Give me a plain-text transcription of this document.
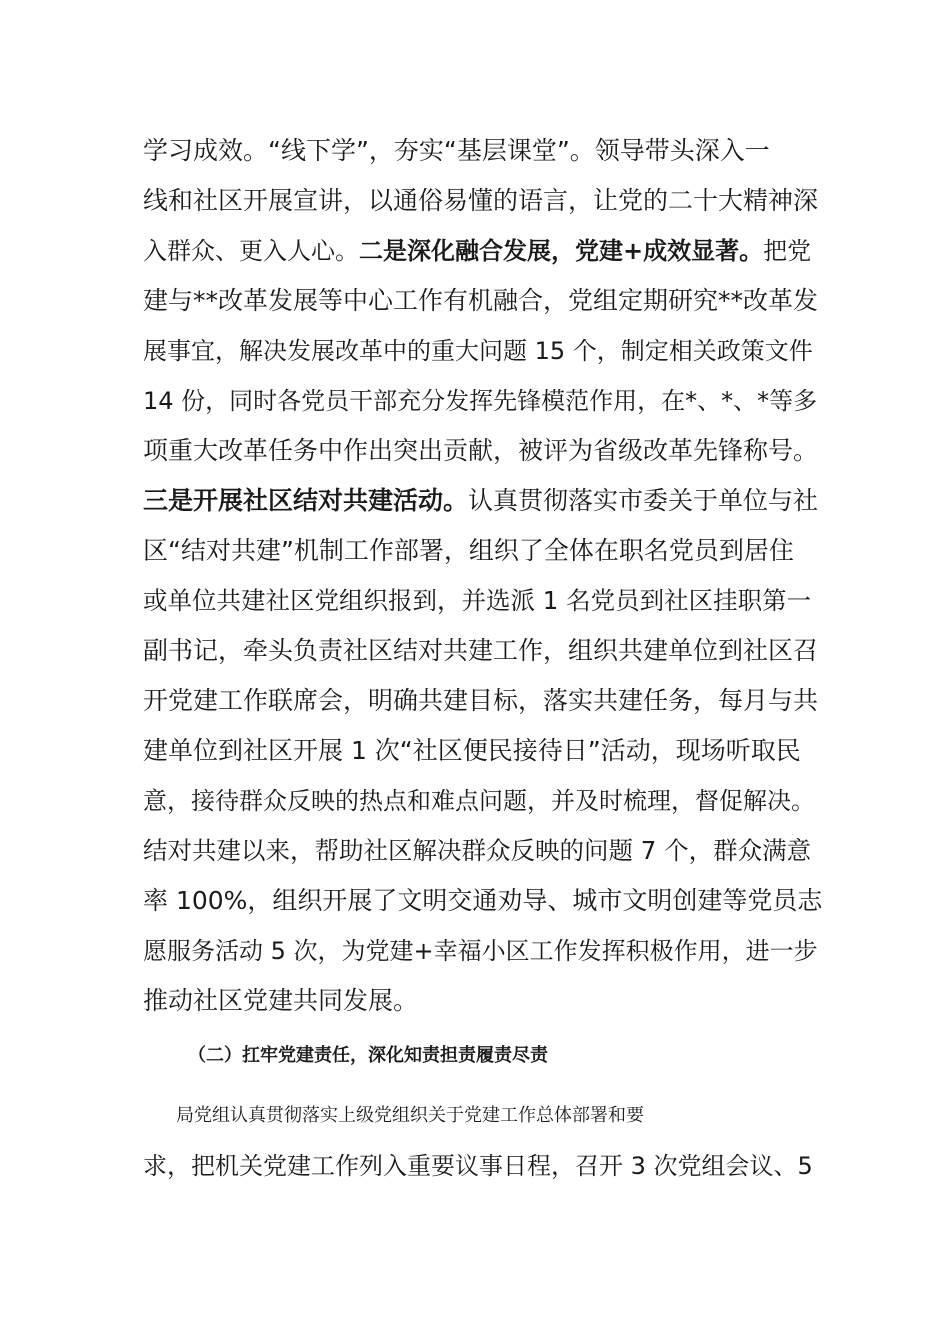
学习成效。“线下学”，夯实“基层课堂”。领导带头深入一
线和社区开展宣讲，以通俗易懂的语言，让党的二十大精神深
入群众、更入人心。二是深化融合发展，党建+成效显著。把党
建与**改革发展等中心工作有机融合，党组定期研究**改革发
展事宜，解决发展改革中的重大问题 15 个，制定相关政策文件
14 份，同时各党员干部充分发挥先锋模范作用，在*、*、*等多
项重大改革任务中作出突出贡献，被评为省级改革先锋称号。
三是开展社区结对共建活动。认真贯彻落实市委关于单位与社
区“结对共建”机制工作部署，组织了全体在职名党员到居住
或单位共建社区党组织报到，并选派 1 名党员到社区挂职第一
副书记，牵头负责社区结对共建工作，组织共建单位到社区召
开党建工作联席会，明确共建目标，落实共建任务，每月与共
建单位到社区开展 1 次“社区便民接待日”活动，现场听取民
意，接待群众反映的热点和难点问题，并及时梳理，督促解决。
结对共建以来，帮助社区解决群众反映的问题 7 个，群众满意
率 100%，组织开展了文明交通劝导、城市文明创建等党员志
愿服务活动 5 次，为党建+幸福小区工作发挥积极作用，进一步
推动社区党建共同发展。
（二）扛牢党建责任，深化知责担责履责尽责
局党组认真贯彻落实上级党组织关于党建工作总体部署和要
求，把机关党建工作列入重要议事日程，召开 3 次党组会议、5
